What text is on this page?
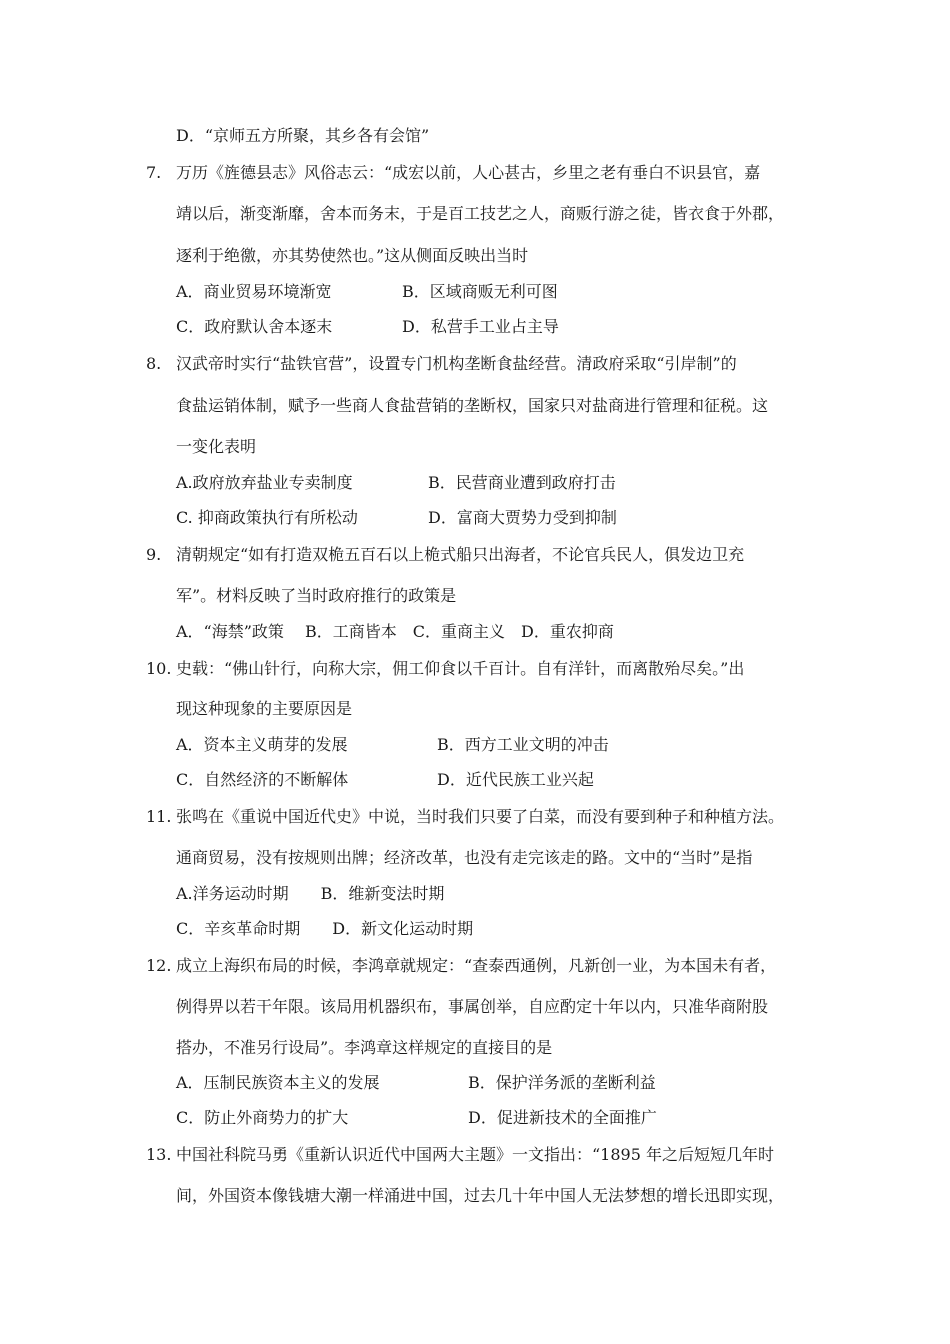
D．“京师五方所聚，其乡各有会馆”
7. 万历《旌德县志》风俗志云：“成宏以前，人心甚古，乡里之老有垂白不识县官，嘉
靖以后，渐变渐靡，舍本而务末，于是百工技艺之人，商贩行游之徒，皆衣食于外郡，
逐利于绝徼，亦其势使然也。”这从侧面反映出当时
A．商业贸易环境渐宽	B．区域商贩无利可图
C．政府默认舍本逐末	D．私营手工业占主导
8. 汉武帝时实行“盐铁官营”，设置专门机构垄断食盐经营。清政府采取“引岸制”的
食盐运销体制，赋予一些商人食盐营销的垄断权，国家只对盐商进行管理和征税。这
一变化表明
A.政府放弃盐业专卖制度	B．民营商业遭到政府打击
C. 抑商政策执行有所松动	D．富商大贾势力受到抑制
9. 清朝规定“如有打造双桅五百石以上桅式船只出海者，不论官兵民人，俱发边卫充
军”。材料反映了当时政府推行的政策是
A．“海禁”政策　 B．工商皆本　C．重商主义　D．重农抑商
10. 史载：“佛山针行，向称大宗，佣工仰食以千百计。自有洋针，而离散殆尽矣。”出
现这种现象的主要原因是
A．资本主义萌芽的发展	B．西方工业文明的冲击
C．自然经济的不断解体	D．近代民族工业兴起
11. 张鸣在《重说中国近代史》中说，当时我们只要了白菜，而没有要到种子和种植方法。
通商贸易，没有按规则出牌；经济改革，也没有走完该走的路。文中的“当时”是指
A.洋务运动时期　　B．维新变法时期
C．辛亥革命时期　　D．新文化运动时期
12. 成立上海织布局的时候，李鸿章就规定：“查泰西通例，凡新创一业，为本国未有者，
例得畀以若干年限。该局用机器织布，事属创举，自应酌定十年以内，只准华商附股
搭办，不准另行设局”。李鸿章这样规定的直接目的是
A．压制民族资本主义的发展	B．保护洋务派的垄断利益
C．防止外商势力的扩大	D．促进新技术的全面推广
13. 中国社科院马勇《重新认识近代中国两大主题》一文指出：“1895 年之后短短几年时
间，外国资本像钱塘大潮一样涌进中国，过去几十年中国人无法梦想的增长迅即实现，
